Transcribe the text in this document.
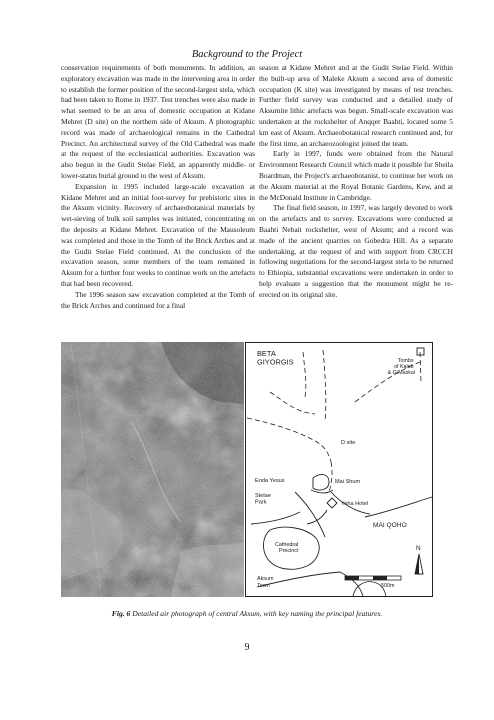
Background to the Project

conservation requirements of both monuments. In addition, an exploratory excavation was made in the intervening area in order to establish the former position of the second-largest stela, which had been taken to Rome in 1937. Test trenches were also made in what seemed to be an area of domestic occupation at Kidane Mehret (D site) on the northern side of Aksum. A photographic record was made of archaeological remains in the Cathedral Precinct. An architectural survey of the Old Cathedral was made at the request of the ecclesiastical authorities. Excavation was also begun in the Gudit Stelae Field, an apparently middle- or lower-status burial ground to the west of Aksum.

Expansion in 1995 included large-scale excavation at Kidane Mehret and an initial foot-survey for prehistoric sites in the Aksum vicinity. Recovery of archaeobotanical materials by wet-sieving of bulk soil samples was initiated, concentrating on the deposits at Kidane Mehret. Excavation of the Mausoleum was completed and those in the Tomb of the Brick Arches and at the Gudit Stelae Field continued. At the conclusion of the excavation season, some members of the team remained in Aksum for a further four weeks to continue work on the artefacts that had been recovered.

The 1996 season saw excavation completed at the Tomb of the Brick Arches and continued for a final

season at Kidane Mehret and at the Gudit Stelae Field. Within the built-up area of Maleke Aksum a second area of domestic occupation (K site) was investigated by means of test trenches. Further field survey was conducted and a detailed study of Aksumite lithic artefacts was begun. Small-scale excavation was undertaken at the rockshelter of Anqqer Baahti, located some 5 km east of Aksum. Archaeobotanical research continued and, for the first time, an archaeozoologist joined the team.

Early in 1997, funds were obtained from the Natural Environment Research Council which made it possible for Sheila Boardman, the Project's archaeobotanist, to continue her work on the Aksum material at the Royal Botanic Gardens, Kew, and at the McDonald Institute in Cambridge.

The final field season, in 1997, was largely devoted to work on the artefacts and to survey. Excavations were conducted at Baahti Nebait rockshelter, west of Aksum; and a record was made of the ancient quarries on Gobedra Hill. As a separate undertaking, at the request of and with support from CRCCH following negotiations for the second-largest stela to be returned to Ethiopia, substantial excavations were undertaken in order to help evaluate a suggestion that the monument might be re-erected on its original site.

BETA GIYORGIS	Tombs of Kaleb & G/Maskal
D site
Enda Yesus	Mai Shum
Stelae Park	Yeha Hotel
MAI QOHO
Cathedral Precinct	N
500m
Aksum Town
Fig. 6 Detailed air photograph of central Aksum, with key naming the principal features.
9
